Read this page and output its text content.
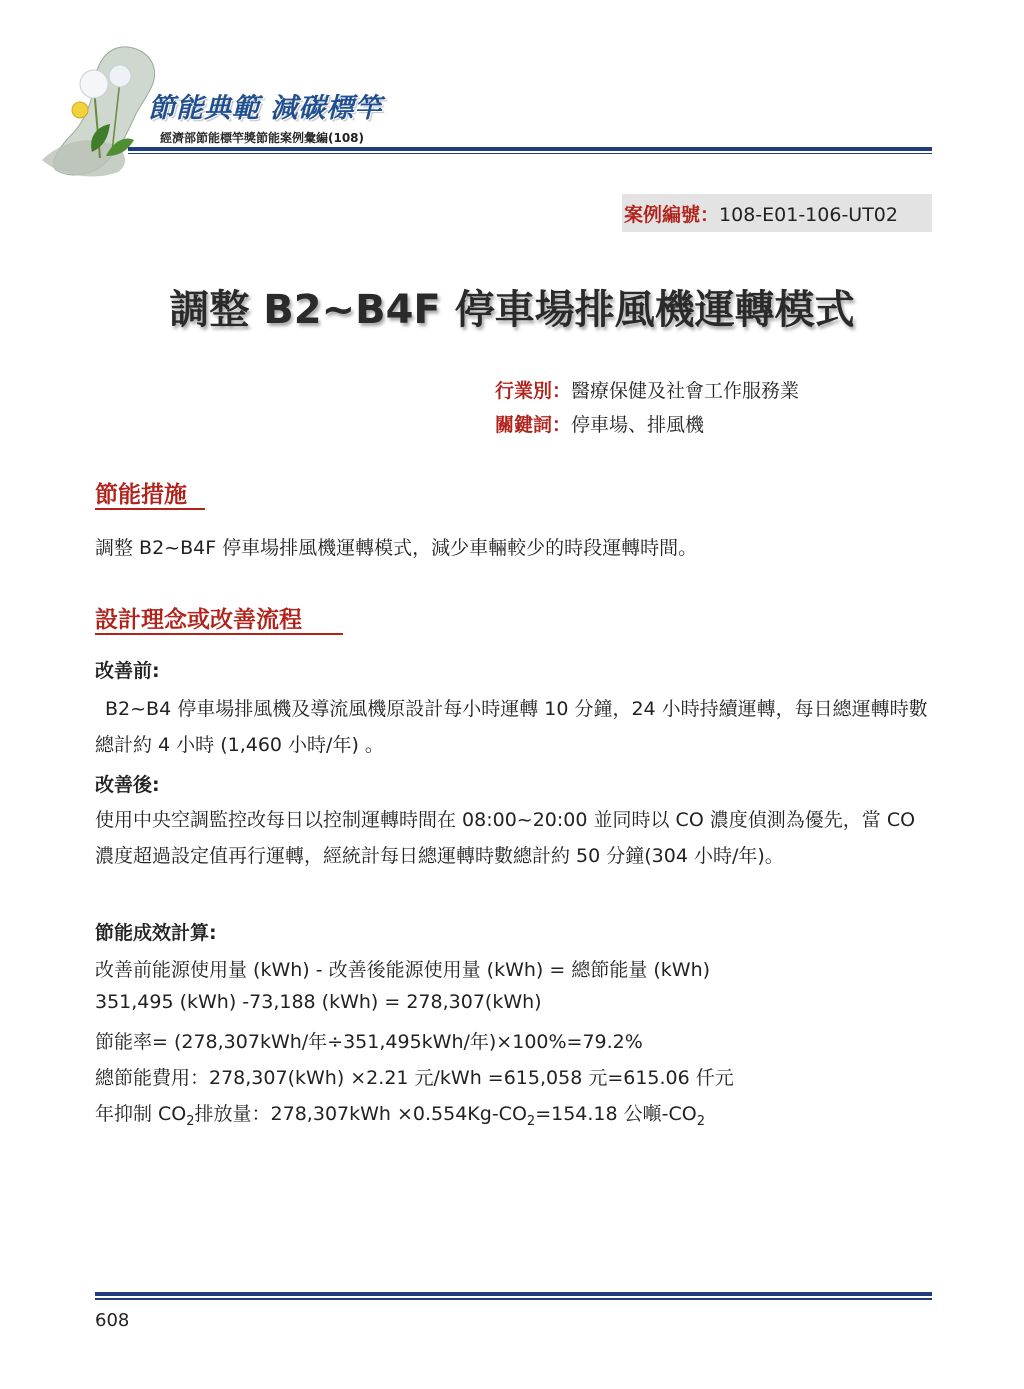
節能典範 減碳標竿
經濟部節能標竿獎節能案例彙編(108)
案例編號：108-E01-106-UT02
調整 B2~B4F 停車場排風機運轉模式
行業別：醫療保健及社會工作服務業
關鍵詞：停車場、排風機
節能措施
調整 B2~B4F 停車場排風機運轉模式，減少車輛較少的時段運轉時間。
設計理念或改善流程
改善前:
B2~B4 停車場排風機及導流風機原設計每小時運轉 10 分鐘，24 小時持續運轉，每日總運轉時數總計約 4 小時 (1,460 小時/年) 。
改善後:
使用中央空調監控改每日以控制運轉時間在 08:00~20:00 並同時以 CO 濃度偵測為優先，當 CO 濃度超過設定值再行運轉，經統計每日總運轉時數總計約 50 分鐘(304 小時/年)。
節能成效計算:
改善前能源使用量 (kWh) - 改善後能源使用量 (kWh) = 總節能量 (kWh)
351,495 (kWh) -73,188 (kWh) = 278,307(kWh)
節能率= (278,307kWh/年÷351,495kWh/年)×100%=79.2%
總節能費用：278,307(kWh) ×2.21 元/kWh =615,058 元=615.06 仟元
年抑制 $CO_2$排放量：$278,307kWh \times 0.554Kg-CO_2=154.18$ 公噸$-CO_2$
608
